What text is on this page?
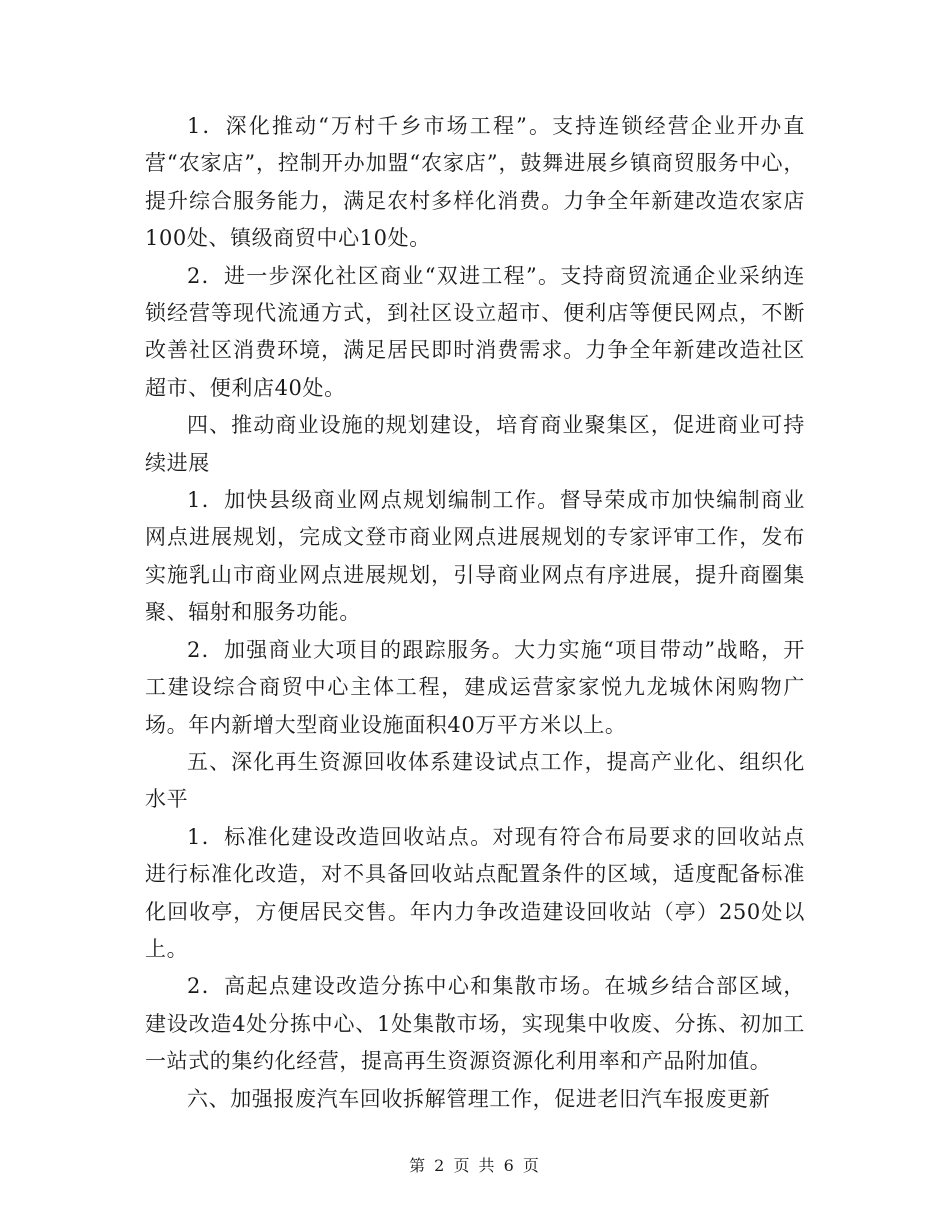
1．深化推动“万村千乡市场工程”。支持连锁经营企业开办直营“农家店”，控制开办加盟“农家店”，鼓舞进展乡镇商贸服务中心，提升综合服务能力，满足农村多样化消费。力争全年新建改造农家店100处、镇级商贸中心10处。

2．进一步深化社区商业“双进工程”。支持商贸流通企业采纳连锁经营等现代流通方式，到社区设立超市、便利店等便民网点，不断改善社区消费环境，满足居民即时消费需求。力争全年新建改造社区超市、便利店40处。

四、推动商业设施的规划建设，培育商业聚集区，促进商业可持续进展

1．加快县级商业网点规划编制工作。督导荣成市加快编制商业网点进展规划，完成文登市商业网点进展规划的专家评审工作，发布实施乳山市商业网点进展规划，引导商业网点有序进展，提升商圈集聚、辐射和服务功能。

2．加强商业大项目的跟踪服务。大力实施“项目带动”战略，开工建设综合商贸中心主体工程，建成运营家家悦九龙城休闲购物广场。年内新增大型商业设施面积40万平方米以上。

五、深化再生资源回收体系建设试点工作，提高产业化、组织化水平

1．标准化建设改造回收站点。对现有符合布局要求的回收站点进行标准化改造，对不具备回收站点配置条件的区域，适度配备标准化回收亭，方便居民交售。年内力争改造建设回收站（亭）250处以上。

2．高起点建设改造分拣中心和集散市场。在城乡结合部区域，建设改造4处分拣中心、1处集散市场，实现集中收废、分拣、初加工一站式的集约化经营，提高再生资源资源化利用率和产品附加值。

六、加强报废汽车回收拆解管理工作，促进老旧汽车报废更新

第 2 页 共 6 页
